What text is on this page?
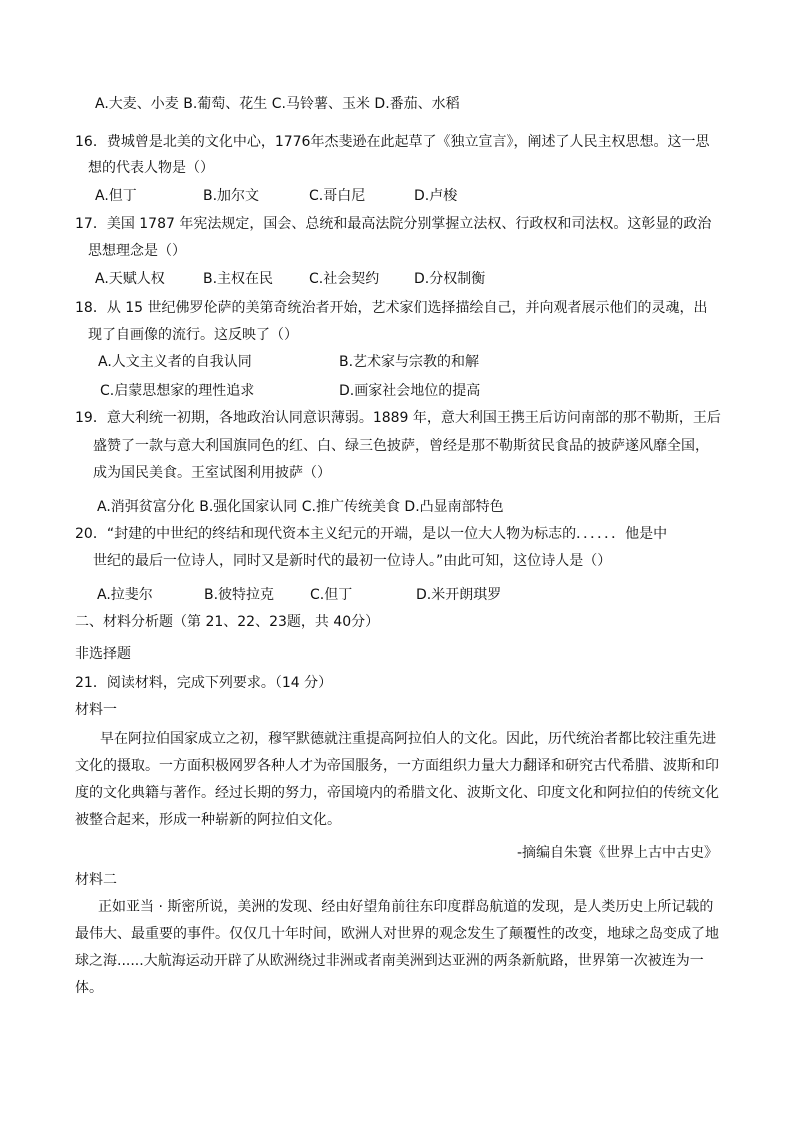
A.大麦、小麦 B.葡萄、花生 C.马铃薯、玉米 D.番茄、水稻
16．费城曾是北美的文化中心，1776年杰斐逊在此起草了《独立宣言》，阐述了人民主权思想。这一思
想的代表人物是（）
A.但丁	B.加尔文	C.哥白尼	D.卢梭
17．美国 1787 年宪法规定，国会、总统和最高法院分别掌握立法权、行政权和司法权。这彰显的政治
思想理念是（）
A.天赋人权	B.主权在民	C.社会契约 D.分权制衡
18．从 15 世纪佛罗伦萨的美第奇统治者开始，艺术家们选择描绘自己，并向观者展示他们的灵魂，出
现了自画像的流行。这反映了（）
A.人文主义者的自我认同	B.艺术家与宗教的和解
C.启蒙思想家的理性追求	D.画家社会地位的提高
19．意大利统一初期，各地政治认同意识薄弱。1889 年，意大利国王携王后访问南部的那不勒斯，王后
盛赞了一款与意大利国旗同色的红、白、绿三色披萨，曾经是那不勒斯贫民食品的披萨遂风靡全国，
成为国民美食。王室试图利用披萨（）
A.消弭贫富分化 B.强化国家认同 C.推广传统美食 D.凸显南部特色
20．“封建的中世纪的终结和现代资本主义纪元的开端，是以一位大人物为标志的．．．．．．他是中
世纪的最后一位诗人，同时又是新时代的最初一位诗人。”由此可知，这位诗人是（）
A.拉斐尔	B.彼特拉克	C.但丁	D.米开朗琪罗
二、材料分析题（第 21、22、23题，共 40分）
非选择题
21．阅读材料，完成下列要求。（14 分）
材料一
早在阿拉伯国家成立之初，穆罕默德就注重提高阿拉伯人的文化。因此，历代统治者都比较注重先进
文化的摄取。一方面积极网罗各种人才为帝国服务，一方面组织力量大力翻译和研究古代希腊、波斯和印
度的文化典籍与著作。经过长期的努力，帝国境内的希腊文化、波斯文化、印度文化和阿拉伯的传统文化
被整合起来，形成一种崭新的阿拉伯文化。
-摘编自朱寰《世界上古中古史》
材料二
正如亚当 · 斯密所说，美洲的发现、经由好望角前往东印度群岛航道的发现，是人类历史上所记载的
最伟大、最重要的事件。仅仅几十年时间，欧洲人对世界的观念发生了颠覆性的改变，地球之岛变成了地
球之海......大航海运动开辟了从欧洲绕过非洲或者南美洲到达亚洲的两条新航路，世界第一次被连为一
体。
